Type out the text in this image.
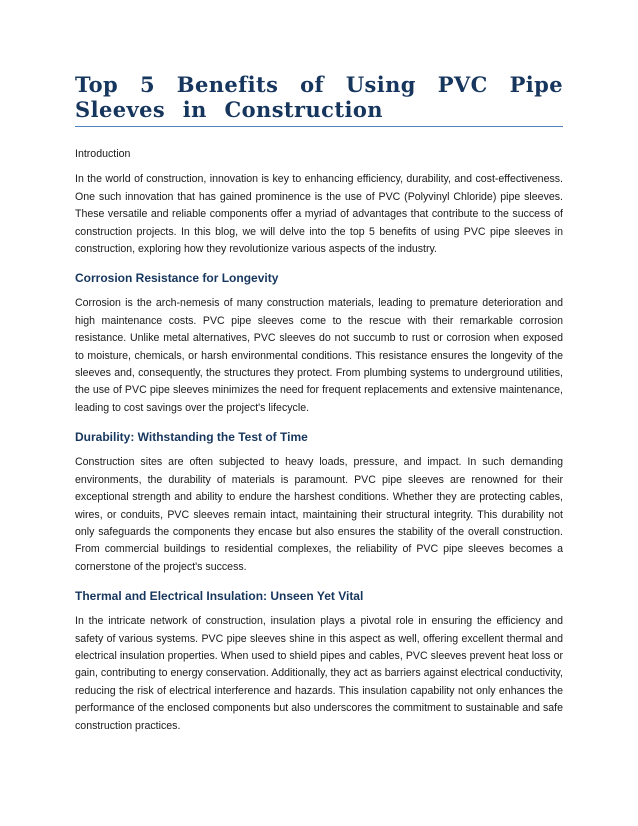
Top 5 Benefits of Using PVC Pipe Sleeves in Construction

Introduction

In the world of construction, innovation is key to enhancing efficiency, durability, and cost-effectiveness. One such innovation that has gained prominence is the use of PVC (Polyvinyl Chloride) pipe sleeves. These versatile and reliable components offer a myriad of advantages that contribute to the success of construction projects. In this blog, we will delve into the top 5 benefits of using PVC pipe sleeves in construction, exploring how they revolutionize various aspects of the industry.

Corrosion Resistance for Longevity

Corrosion is the arch-nemesis of many construction materials, leading to premature deterioration and high maintenance costs. PVC pipe sleeves come to the rescue with their remarkable corrosion resistance. Unlike metal alternatives, PVC sleeves do not succumb to rust or corrosion when exposed to moisture, chemicals, or harsh environmental conditions. This resistance ensures the longevity of the sleeves and, consequently, the structures they protect. From plumbing systems to underground utilities, the use of PVC pipe sleeves minimizes the need for frequent replacements and extensive maintenance, leading to cost savings over the project's lifecycle.

Durability: Withstanding the Test of Time

Construction sites are often subjected to heavy loads, pressure, and impact. In such demanding environments, the durability of materials is paramount. PVC pipe sleeves are renowned for their exceptional strength and ability to endure the harshest conditions. Whether they are protecting cables, wires, or conduits, PVC sleeves remain intact, maintaining their structural integrity. This durability not only safeguards the components they encase but also ensures the stability of the overall construction. From commercial buildings to residential complexes, the reliability of PVC pipe sleeves becomes a cornerstone of the project's success.

Thermal and Electrical Insulation: Unseen Yet Vital

In the intricate network of construction, insulation plays a pivotal role in ensuring the efficiency and safety of various systems. PVC pipe sleeves shine in this aspect as well, offering excellent thermal and electrical insulation properties. When used to shield pipes and cables, PVC sleeves prevent heat loss or gain, contributing to energy conservation. Additionally, they act as barriers against electrical conductivity, reducing the risk of electrical interference and hazards. This insulation capability not only enhances the performance of the enclosed components but also underscores the commitment to sustainable and safe construction practices.
